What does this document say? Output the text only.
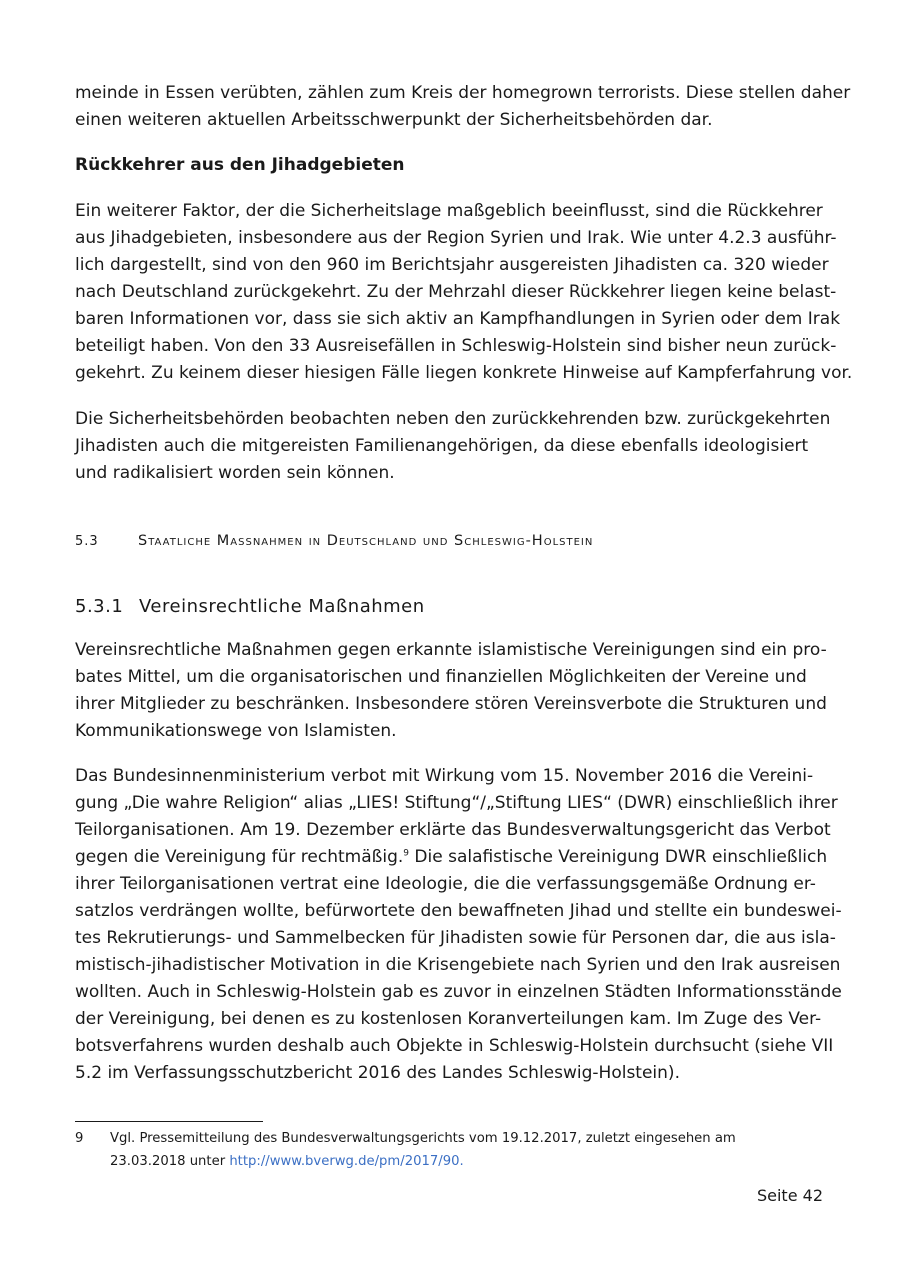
meinde in Essen verübten, zählen zum Kreis der homegrown terrorists. Diese stellen daher
einen weiteren aktuellen Arbeitsschwerpunkt der Sicherheitsbehörden dar.
Rückkehrer aus den Jihadgebieten
Ein weiterer Faktor, der die Sicherheitslage maßgeblich beeinflusst, sind die Rückkehrer
aus Jihadgebieten, insbesondere aus der Region Syrien und Irak. Wie unter 4.2.3 ausführ-
lich dargestellt, sind von den 960 im Berichtsjahr ausgereisten Jihadisten ca. 320 wieder
nach Deutschland zurückgekehrt. Zu der Mehrzahl dieser Rückkehrer liegen keine belast-
baren Informationen vor, dass sie sich aktiv an Kampfhandlungen in Syrien oder dem Irak
beteiligt haben. Von den 33 Ausreisefällen in Schleswig-Holstein sind bisher neun zurück-
gekehrt. Zu keinem dieser hiesigen Fälle liegen konkrete Hinweise auf Kampferfahrung vor.
Die Sicherheitsbehörden beobachten neben den zurückkehrenden bzw. zurückgekehrten
Jihadisten auch die mitgereisten Familienangehörigen, da diese ebenfalls ideologisiert
und radikalisiert worden sein können.
5.3	Staatliche Massnahmen in Deutschland und Schleswig-Holstein
5.3.1 Vereinsrechtliche Maßnahmen
Vereinsrechtliche Maßnahmen gegen erkannte islamistische Vereinigungen sind ein pro-
bates Mittel, um die organisatorischen und finanziellen Möglichkeiten der Vereine und
ihrer Mitglieder zu beschränken. Insbesondere stören Vereinsverbote die Strukturen und
Kommunikationswege von Islamisten.
Das Bundesinnenministerium verbot mit Wirkung vom 15. November 2016 die Vereini-
gung „Die wahre Religion“ alias „LIES! Stiftung“/„Stiftung LIES“ (DWR) einschließlich ihrer
Teilorganisationen. Am 19. Dezember erklärte das Bundesverwaltungsgericht das Verbot
gegen die Vereinigung für rechtmäßig.$^9$ Die salafistische Vereinigung DWR einschließlich
ihrer Teilorganisationen vertrat eine Ideologie, die die verfassungsgemäße Ordnung er-
satzlos verdrängen wollte, befürwortete den bewaffneten Jihad und stellte ein bundeswei-
tes Rekrutierungs- und Sammelbecken für Jihadisten sowie für Personen dar, die aus isla-
mistisch-jihadistischer Motivation in die Krisengebiete nach Syrien und den Irak ausreisen
wollten. Auch in Schleswig-Holstein gab es zuvor in einzelnen Städten Informationsstände
der Vereinigung, bei denen es zu kostenlosen Koranverteilungen kam. Im Zuge des Ver-
botsverfahrens wurden deshalb auch Objekte in Schleswig-Holstein durchsucht (siehe VII
5.2 im Verfassungsschutzbericht 2016 des Landes Schleswig-Holstein).
9 Vgl. Pressemitteilung des Bundesverwaltungsgerichts vom 19.12.2017, zuletzt eingesehen am
23.03.2018 unter http://www.bverwg.de/pm/2017/90.
Seite 42
